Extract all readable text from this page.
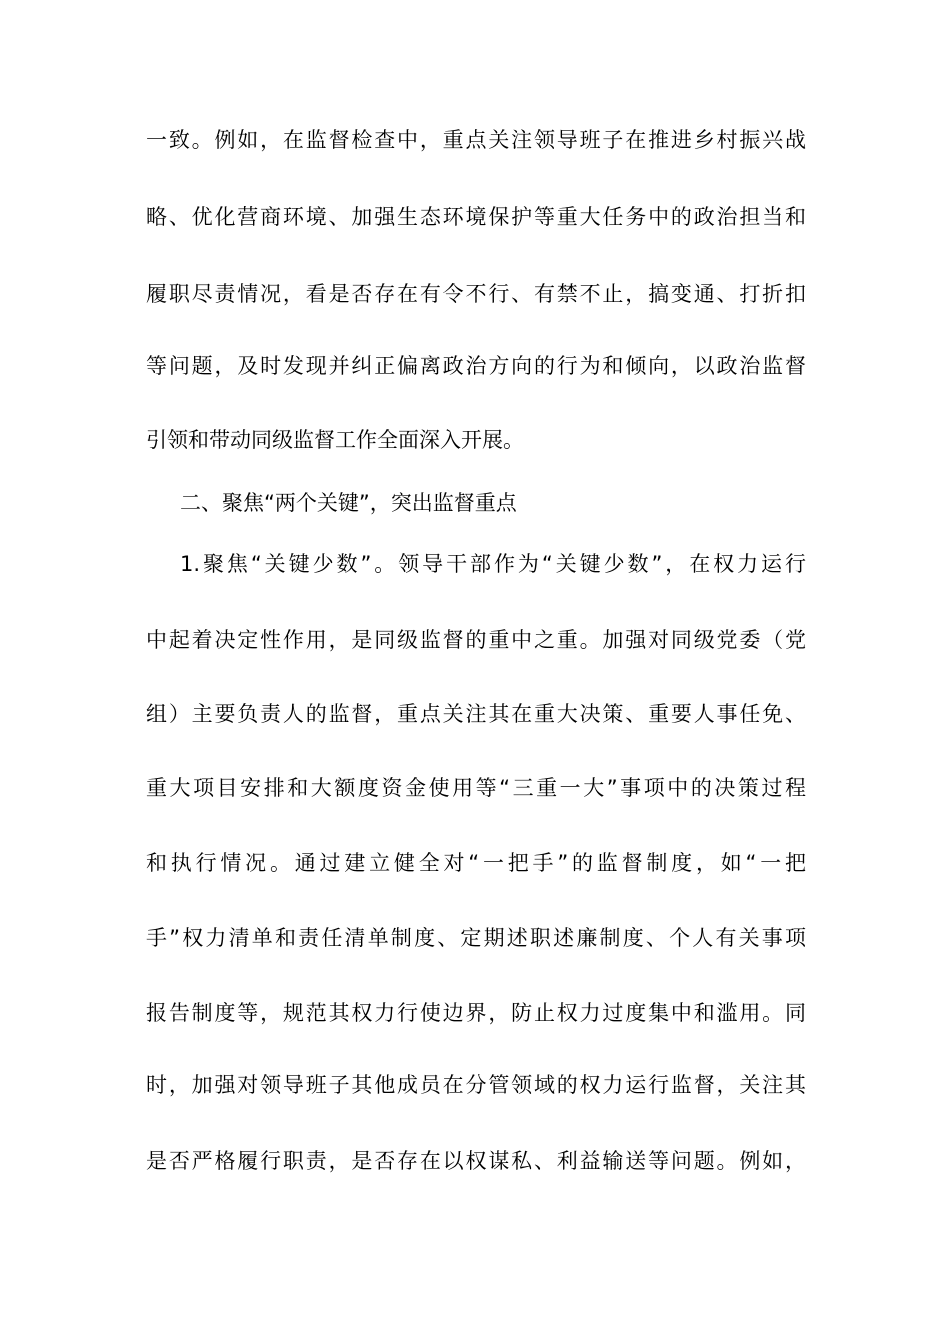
一致。例如，在监督检查中，重点关注领导班子在推进乡村振兴战
略、优化营商环境、加强生态环境保护等重大任务中的政治担当和
履职尽责情况，看是否存在有令不行、有禁不止，搞变通、打折扣
等问题，及时发现并纠正偏离政治方向的行为和倾向，以政治监督
引领和带动同级监督工作全面深入开展。
二、聚焦“两个关键”，突出监督重点
1.聚焦“关键少数”。领导干部作为“关键少数”，在权力运行
中起着决定性作用，是同级监督的重中之重。加强对同级党委（党
组）主要负责人的监督，重点关注其在重大决策、重要人事任免、
重大项目安排和大额度资金使用等“三重一大”事项中的决策过程
和执行情况。通过建立健全对“一把手”的监督制度，如“一把
手”权力清单和责任清单制度、定期述职述廉制度、个人有关事项
报告制度等，规范其权力行使边界，防止权力过度集中和滥用。同
时，加强对领导班子其他成员在分管领域的权力运行监督，关注其
是否严格履行职责，是否存在以权谋私、利益输送等问题。例如，
